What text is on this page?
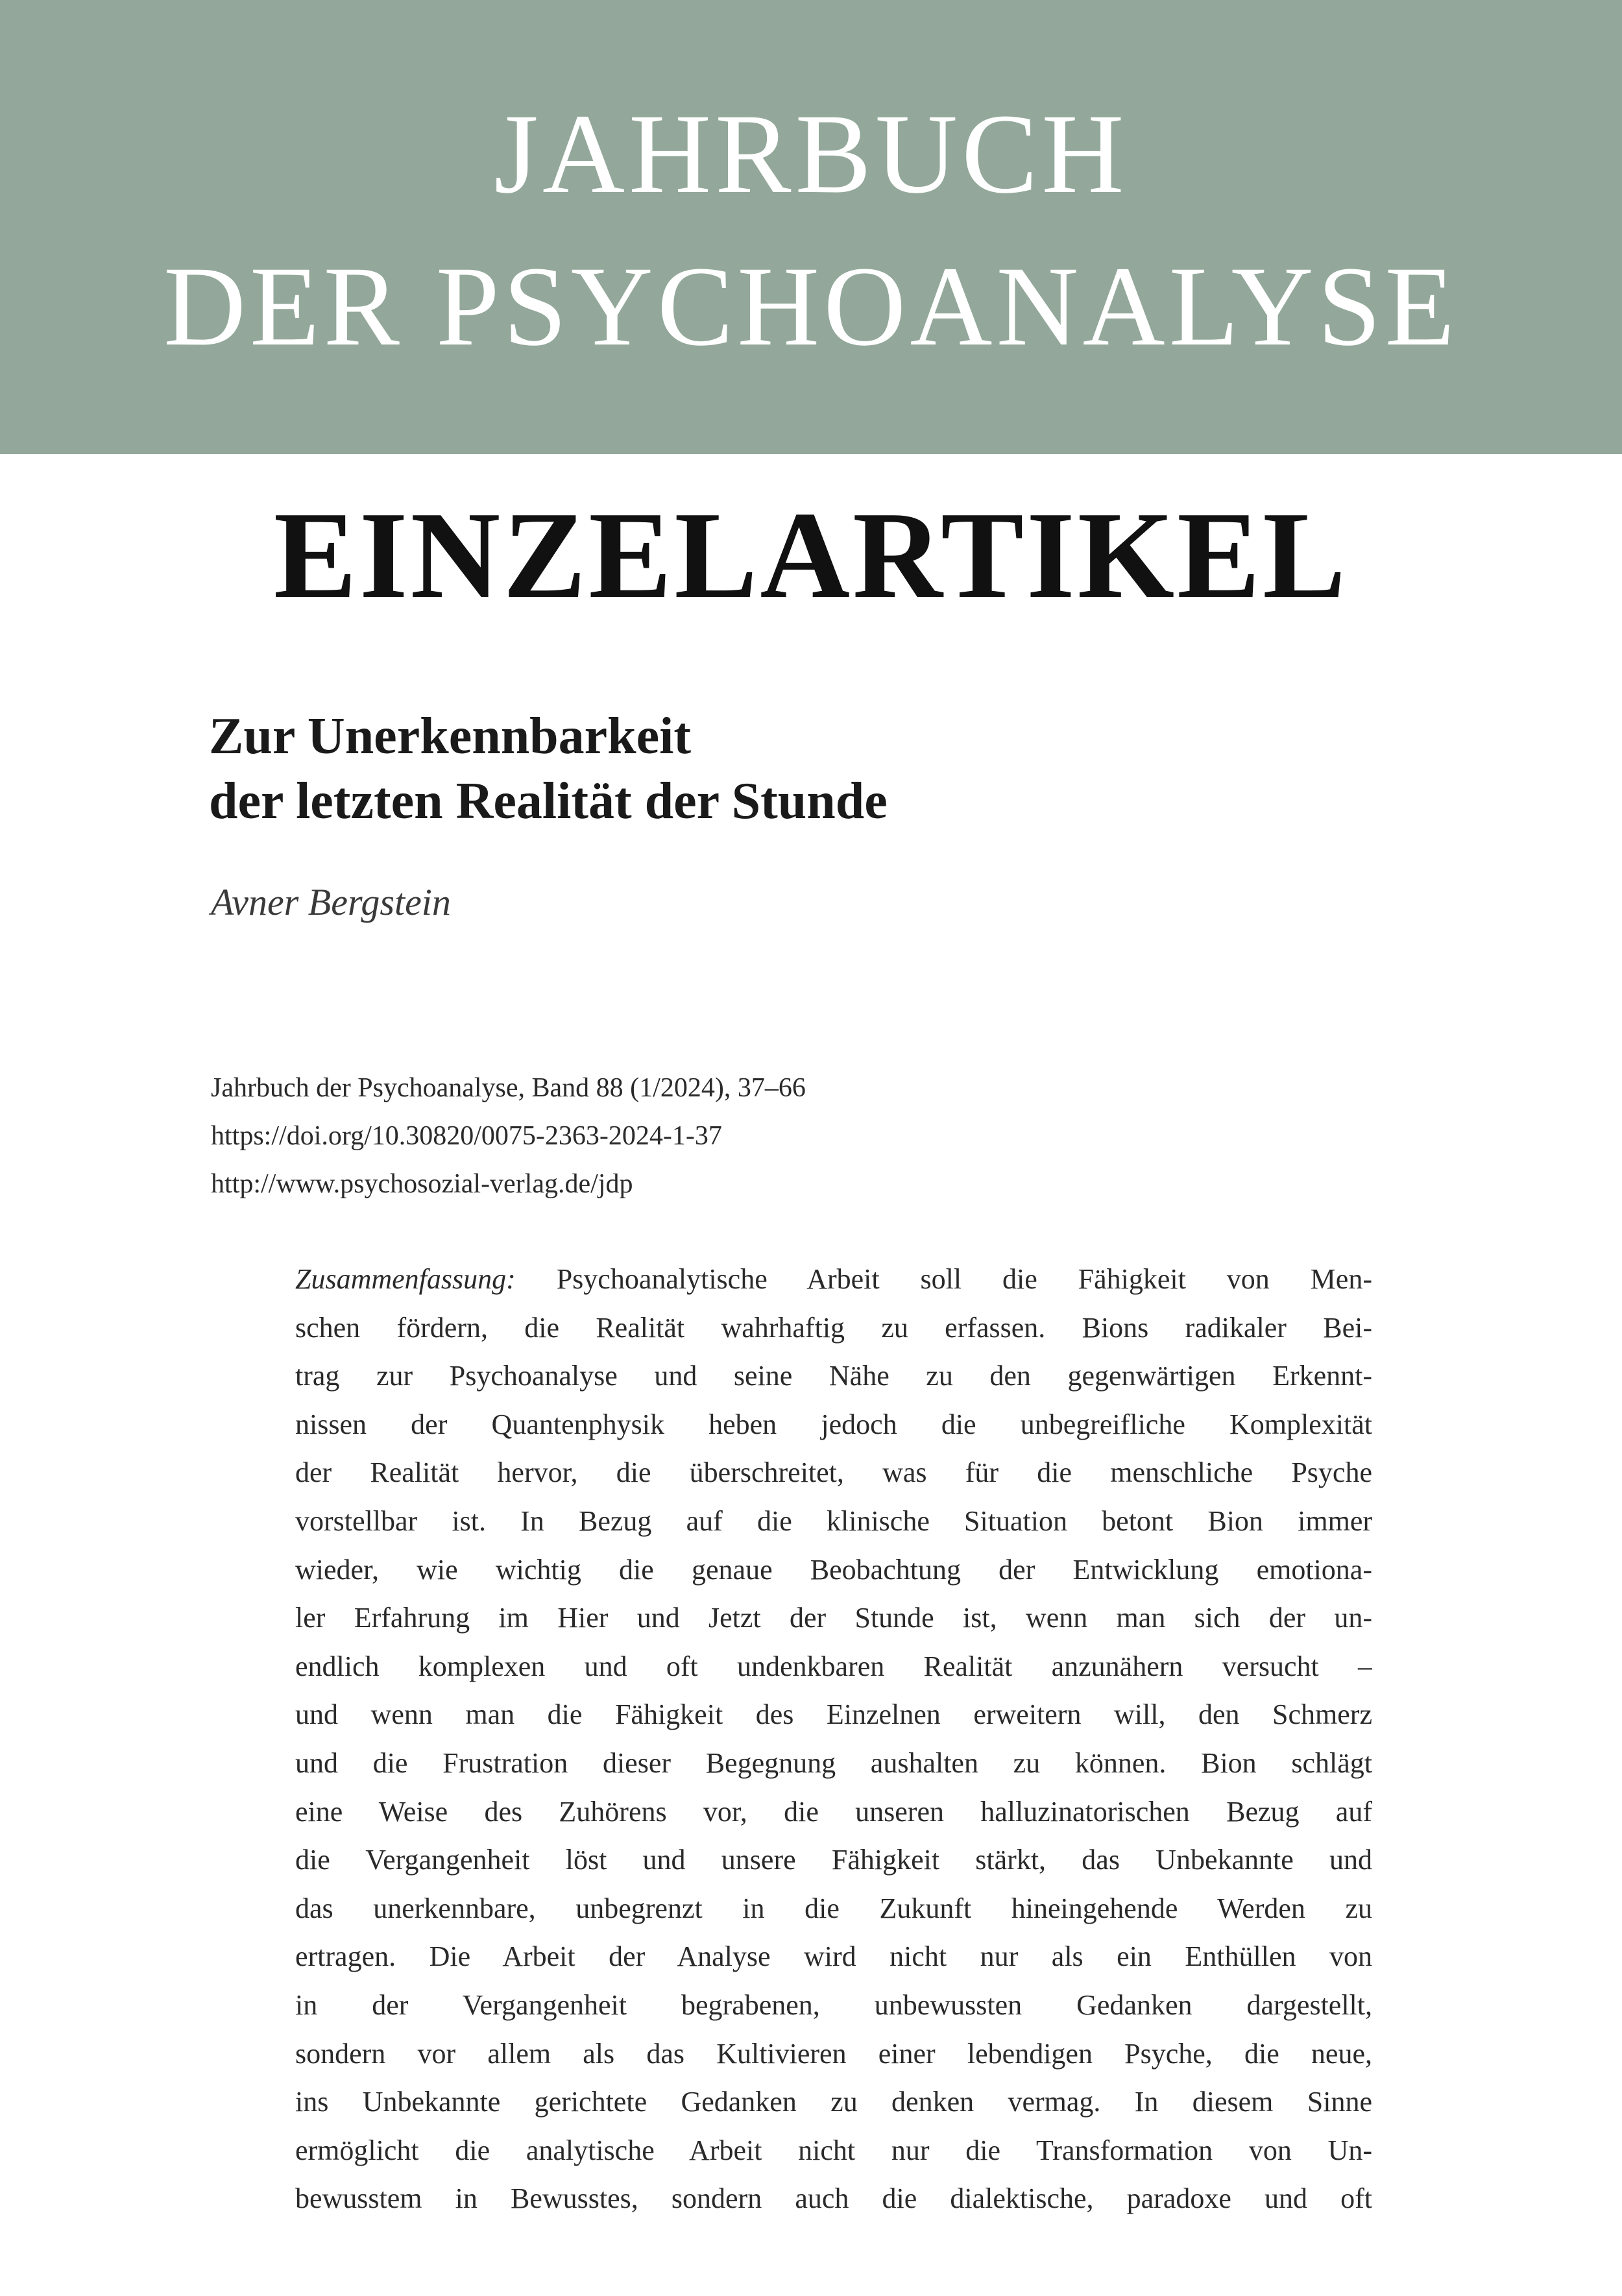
JAHRBUCH
DER PSYCHOANALYSE
EINZELARTIKEL
Zur Unerkennbarkeit
der letzten Realität der Stunde
Avner Bergstein
Jahrbuch der Psychoanalyse, Band 88 (1/2024), 37–66
https://doi.org/10.30820/0075-2363-2024-1-37
http://www.psychosozial-verlag.de/jdp
Zusammenfassung: Psychoanalytische Arbeit soll die Fähigkeit von Men-
schen fördern, die Realität wahrhaftig zu erfassen. Bions radikaler Bei-
trag zur Psychoanalyse und seine Nähe zu den gegenwärtigen Erkennt-
nissen der Quantenphysik heben jedoch die unbegreifliche Komplexität
der Realität hervor, die überschreitet, was für die menschliche Psyche
vorstellbar ist. In Bezug auf die klinische Situation betont Bion immer
wieder, wie wichtig die genaue Beobachtung der Entwicklung emotiona-
ler Erfahrung im Hier und Jetzt der Stunde ist, wenn man sich der un-
endlich komplexen und oft undenkbaren Realität anzunähern versucht –
und wenn man die Fähigkeit des Einzelnen erweitern will, den Schmerz
und die Frustration dieser Begegnung aushalten zu können. Bion schlägt
eine Weise des Zuhörens vor, die unseren halluzinatorischen Bezug auf
die Vergangenheit löst und unsere Fähigkeit stärkt, das Unbekannte und
das unerkennbare, unbegrenzt in die Zukunft hineingehende Werden zu
ertragen. Die Arbeit der Analyse wird nicht nur als ein Enthüllen von
in der Vergangenheit begrabenen, unbewussten Gedanken dargestellt,
sondern vor allem als das Kultivieren einer lebendigen Psyche, die neue,
ins Unbekannte gerichtete Gedanken zu denken vermag. In diesem Sinne
ermöglicht die analytische Arbeit nicht nur die Transformation von Un-
bewusstem in Bewusstes, sondern auch die dialektische, paradoxe und oft
